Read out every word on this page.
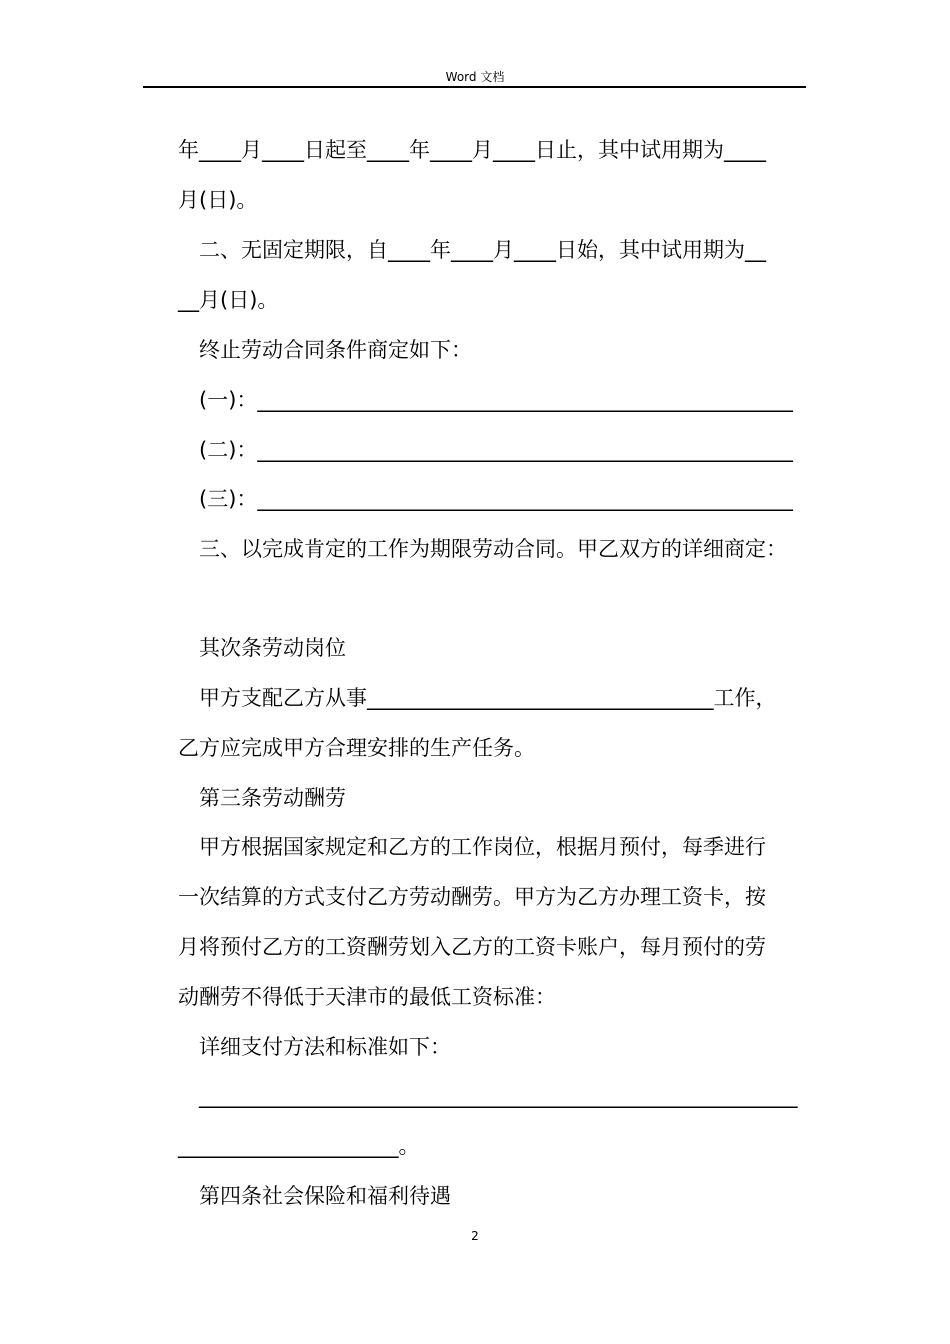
Word 文档
年____月____日起至____年____月____日止，其中试用期为____
月(日)。
二、无固定期限，自____年____月____日始，其中试用期为__
__月(日)。
终止劳动合同条件商定如下：
(一)：___________________________________________________
(二)：___________________________________________________
(三)：___________________________________________________
三、以完成肯定的工作为期限劳动合同。甲乙双方的详细商定：
其次条劳动岗位
甲方支配乙方从事_________________________________工作，
乙方应完成甲方合理安排的生产任务。
第三条劳动酬劳
甲方根据国家规定和乙方的工作岗位，根据月预付，每季进行
一次结算的方式支付乙方劳动酬劳。甲方为乙方办理工资卡，按
月将预付乙方的工资酬劳划入乙方的工资卡账户，每月预付的劳
动酬劳不得低于天津市的最低工资标准：
详细支付方法和标准如下：
_________________________________________________________
_____________________。
第四条社会保险和福利待遇
2
